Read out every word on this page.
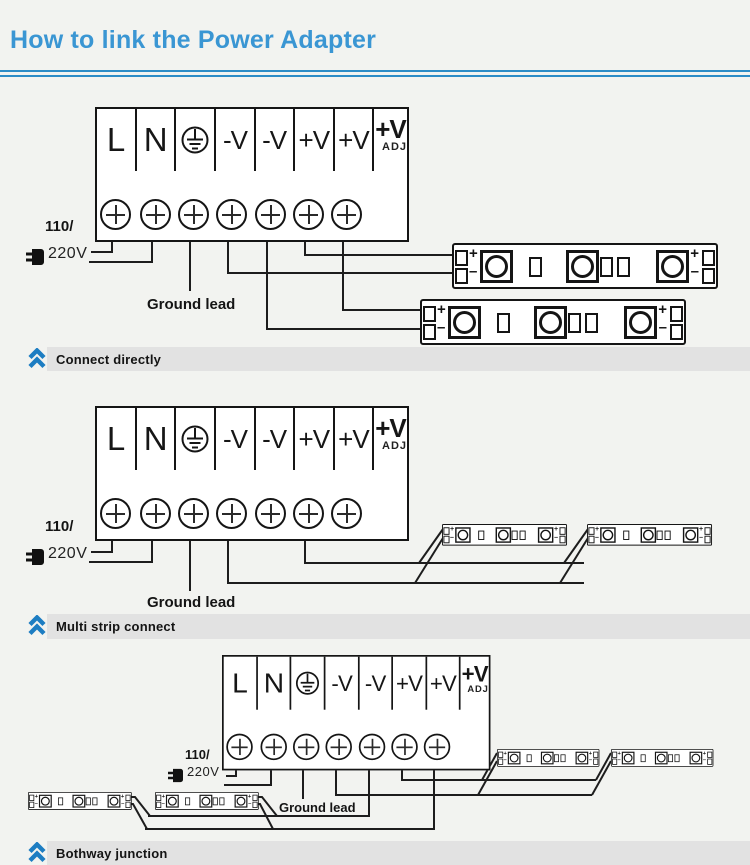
How to link the Power Adapter
110/
220V
Ground lead
110/
220V
Ground lead
110/
220V
Ground lead
L N	-V -V +V +V +V
ADJ
L N	-V -V +V +V +V
ADJ
L N -V -V +V +V +V
ADJ
+
–
+
–
+
–
+
–
+
–
+
–
+
–
+
–
+
–
+
–
+
–
+
–
+
–
+
–
+
–
+
–
Connect directly
Multi strip connect
Bothway junction
